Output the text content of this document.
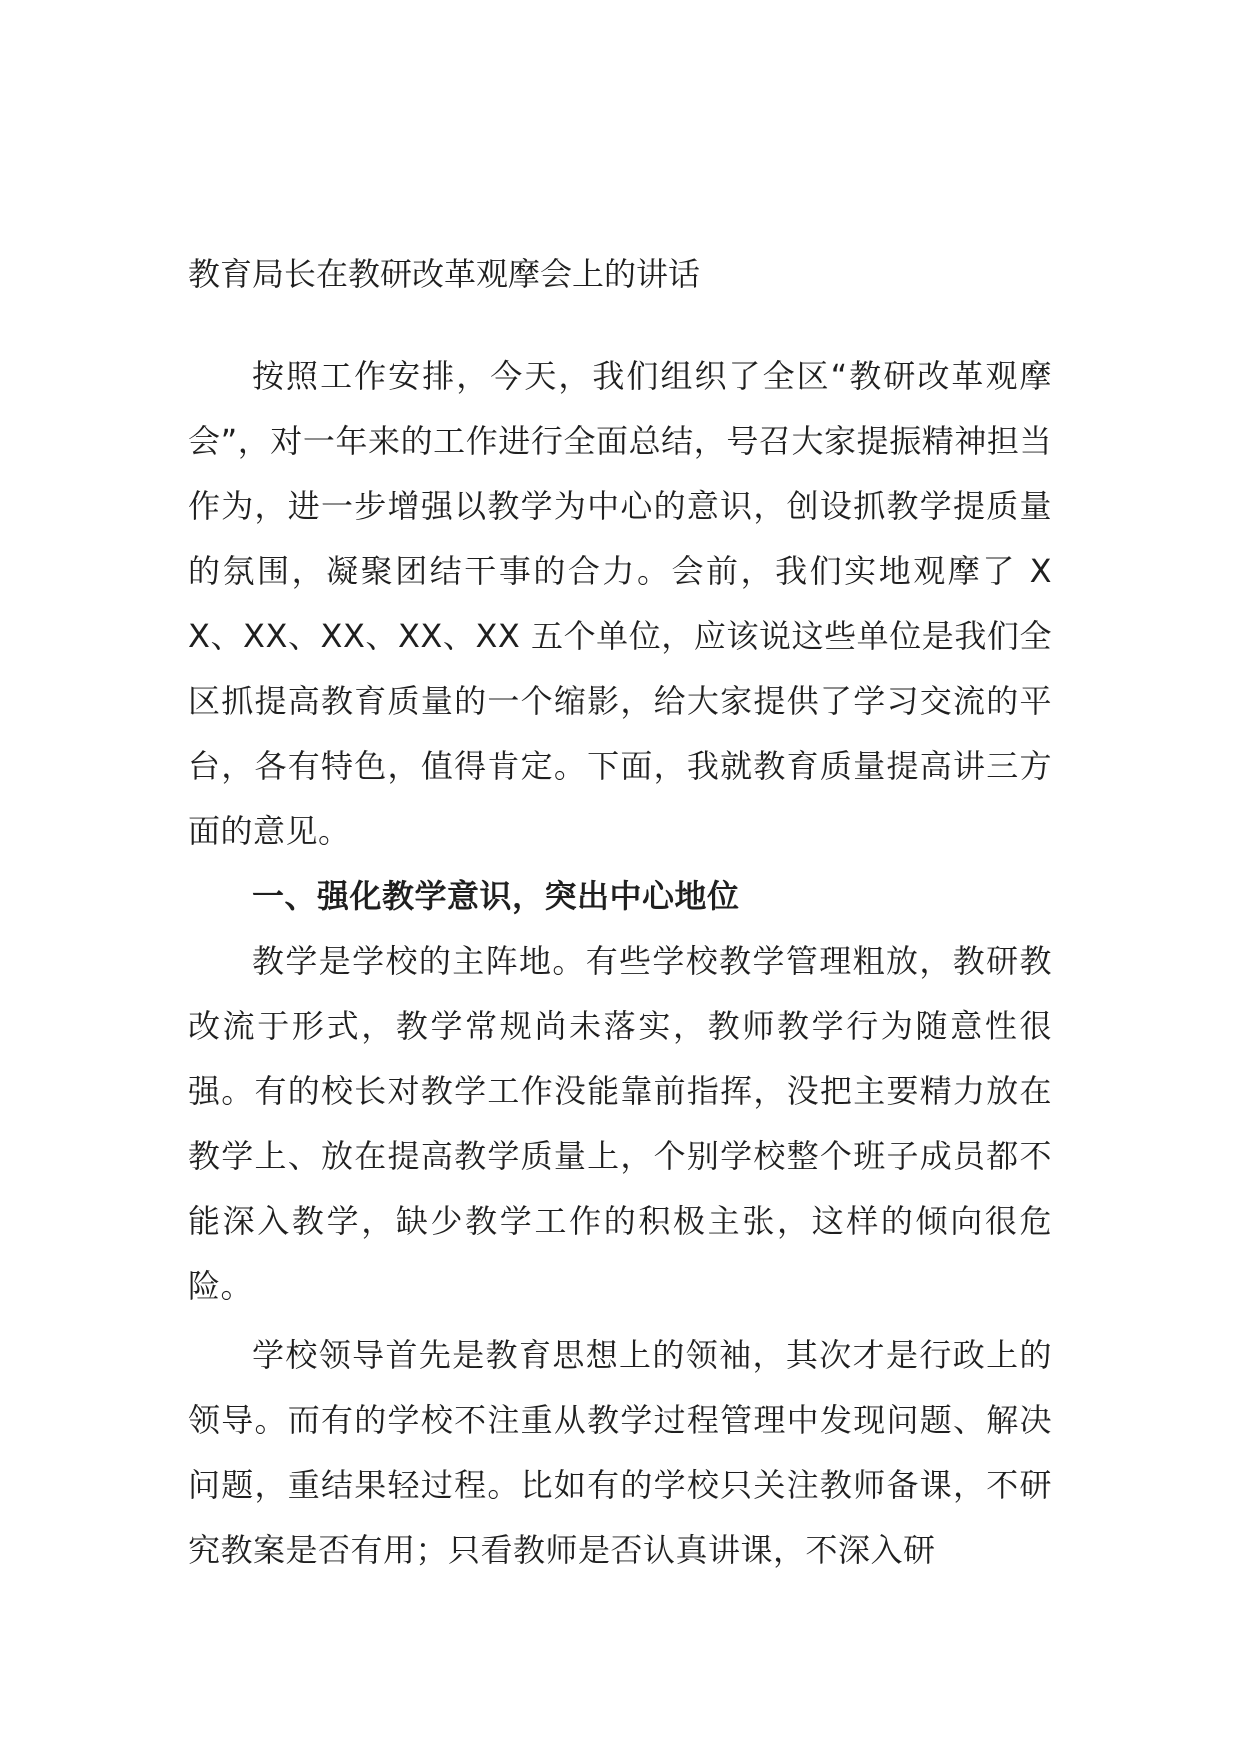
教育局长在教研改革观摩会上的讲话

按照工作安排，今天，我们组织了全区“教研改革观摩会”，对一年来的工作进行全面总结，号召大家提振精神担当作为，进一步增强以教学为中心的意识，创设抓教学提质量的氛围，凝聚团结干事的合力。会前，我们实地观摩了 XX、XX、XX、XX、XX 五个单位，应该说这些单位是我们全区抓提高教育质量的一个缩影，给大家提供了学习交流的平台，各有特色，值得肯定。下面，我就教育质量提高讲三方面的意见。

一、强化教学意识，突出中心地位

教学是学校的主阵地。有些学校教学管理粗放，教研教改流于形式，教学常规尚未落实，教师教学行为随意性很强。有的校长对教学工作没能靠前指挥，没把主要精力放在教学上、放在提高教学质量上，个别学校整个班子成员都不能深入教学，缺少教学工作的积极主张，这样的倾向很危险。

学校领导首先是教育思想上的领袖，其次才是行政上的领导。而有的学校不注重从教学过程管理中发现问题、解决问题，重结果轻过程。比如有的学校只关注教师备课，不研究教案是否有用；只看教师是否认真讲课，不深入研
